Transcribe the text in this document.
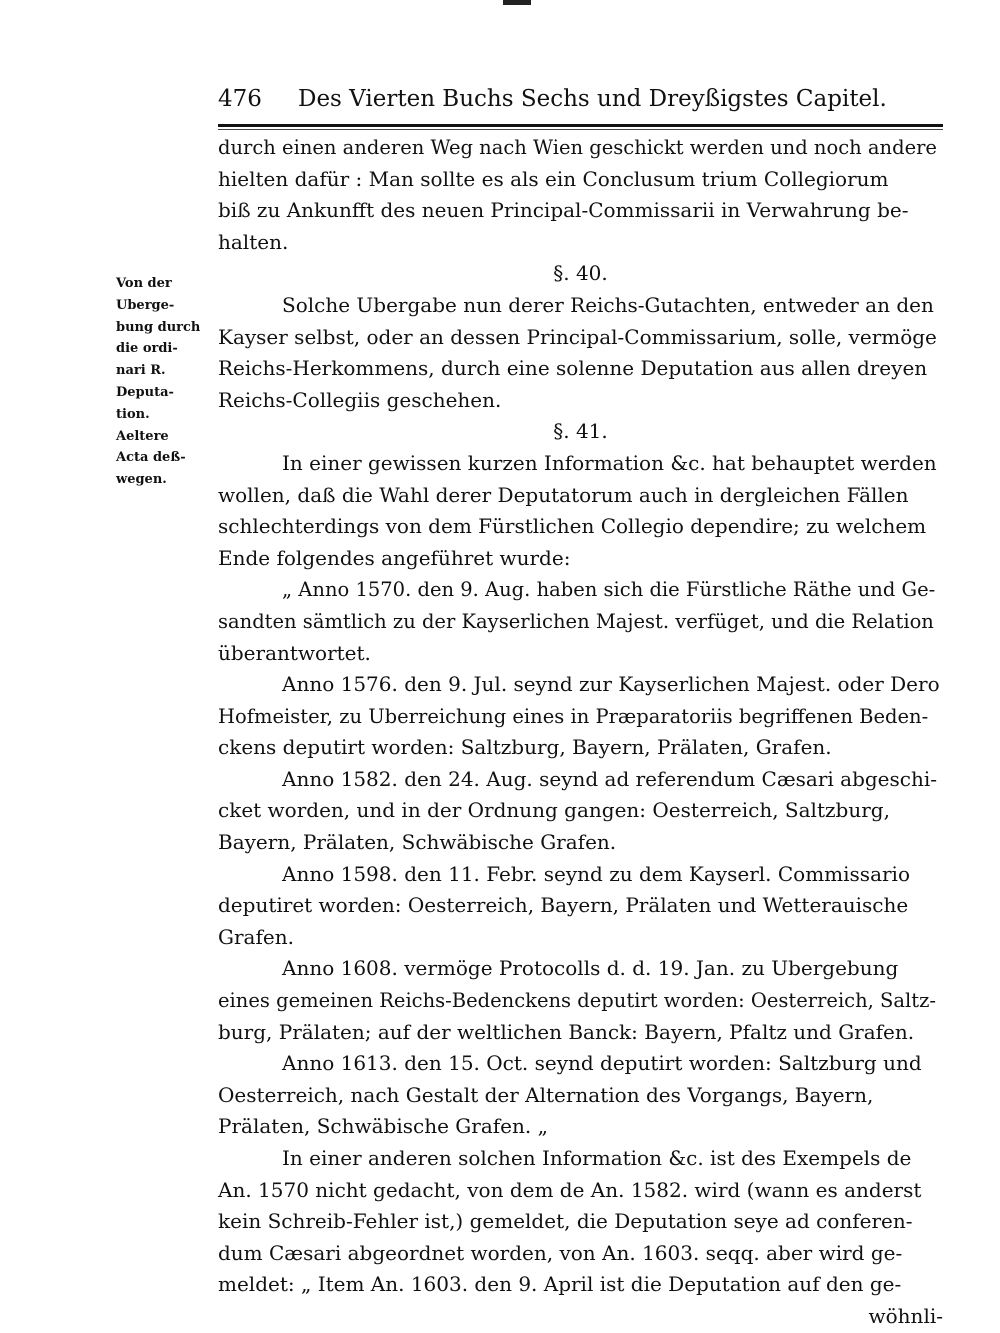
476 Des Vierten Buchs Sechs und Dreyßigstes Capitel.
Von der
Uberge-
bung durch
die ordi-
nari R.
Deputa-
tion.
Aeltere
Acta deß-
wegen.
durch einen anderen Weg nach Wien geschickt werden und noch andere
hielten dafür : Man sollte es als ein Conclusum trium Collegiorum
biß zu Ankunfft des neuen Principal-Commissarii in Verwahrung be-
halten.
§. 40.
Solche Ubergabe nun derer Reichs-Gutachten, entweder an den
Kayser selbst, oder an dessen Principal-Commissarium, solle, vermöge
Reichs-Herkommens, durch eine solenne Deputation aus allen dreyen
Reichs-Collegiis geschehen.
§. 41.
In einer gewissen kurzen Information &c. hat behauptet werden
wollen, daß die Wahl derer Deputatorum auch in dergleichen Fällen
schlechterdings von dem Fürstlichen Collegio dependire; zu welchem
Ende folgendes angeführet wurde:
„ Anno 1570. den 9. Aug. haben sich die Fürstliche Räthe und Ge-
sandten sämtlich zu der Kayserlichen Majest. verfüget, und die Relation
überantwortet.
Anno 1576. den 9. Jul. seynd zur Kayserlichen Majest. oder Dero
Hofmeister, zu Uberreichung eines in Præparatoriis begriffenen Beden-
ckens deputirt worden: Saltzburg, Bayern, Prälaten, Grafen.
Anno 1582. den 24. Aug. seynd ad referendum Cæsari abgeschi-
cket worden, und in der Ordnung gangen: Oesterreich, Saltzburg,
Bayern, Prälaten, Schwäbische Grafen.
Anno 1598. den 11. Febr. seynd zu dem Kayserl. Commissario
deputiret worden: Oesterreich, Bayern, Prälaten und Wetterauische
Grafen.
Anno 1608. vermöge Protocolls d. d. 19. Jan. zu Ubergebung
eines gemeinen Reichs-Bedenckens deputirt worden: Oesterreich, Saltz-
burg, Prälaten; auf der weltlichen Banck: Bayern, Pfaltz und Grafen.
Anno 1613. den 15. Oct. seynd deputirt worden: Saltzburg und
Oesterreich, nach Gestalt der Alternation des Vorgangs, Bayern,
Prälaten, Schwäbische Grafen. „
In einer anderen solchen Information &c. ist des Exempels de
An. 1570 nicht gedacht, von dem de An. 1582. wird (wann es anderst
kein Schreib-Fehler ist,) gemeldet, die Deputation seye ad conferen-
dum Cæsari abgeordnet worden, von An. 1603. seqq. aber wird ge-
meldet: „ Item An. 1603. den 9. April ist die Deputation auf den ge-
wöhnli-
